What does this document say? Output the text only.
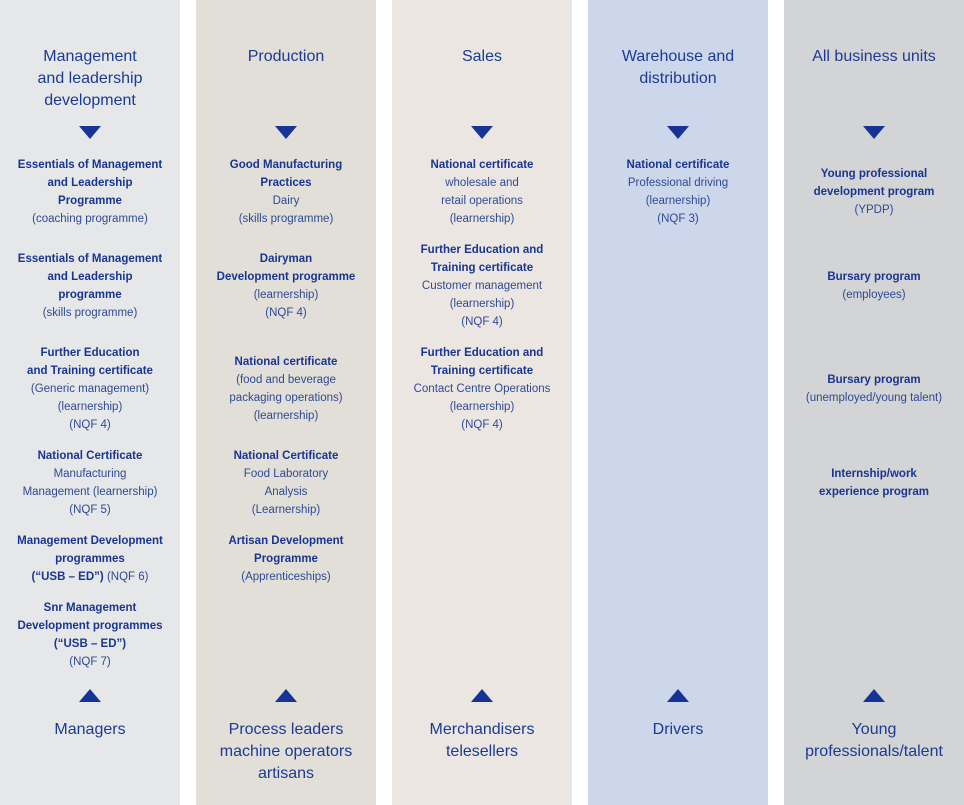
Management
and leadership
development
Essentials of Management
and Leadership
Programme
(coaching programme)
Essentials of Management
and Leadership
programme
(skills programme)
Further Education
and Training certificate
(Generic management)
(learnership)
(NQF 4)
National Certificate
Manufacturing
Management (learnership)
(NQF 5)
Management Development
programmes
(“USB – ED”) (NQF 6)
Snr Management
Development programmes
(“USB – ED”)
(NQF 7)
Managers
Production
Good Manufacturing
Practices
Dairy
(skills programme)
Dairyman
Development programme
(learnership)
(NQF 4)
National certificate
(food and beverage
packaging operations)
(learnership)
National Certificate
Food Laboratory
Analysis
(Learnership)
Artisan Development
Programme
(Apprenticeships)
Process leaders
machine operators
artisans
Sales
National certificate
wholesale and
retail operations
(learnership)
Further Education and
Training certificate
Customer management
(learnership)
(NQF 4)
Further Education and
Training certificate
Contact Centre Operations
(learnership)
(NQF 4)
Merchandisers
telesellers
Warehouse and
distribution
National certificate
Professional driving
(learnership)
(NQF 3)
Drivers
All business units
Young professional
development program
(YPDP)
Bursary program
(employees)
Bursary program
(unemployed/young talent)
Internship/work
experience program
Young
professionals/talent
